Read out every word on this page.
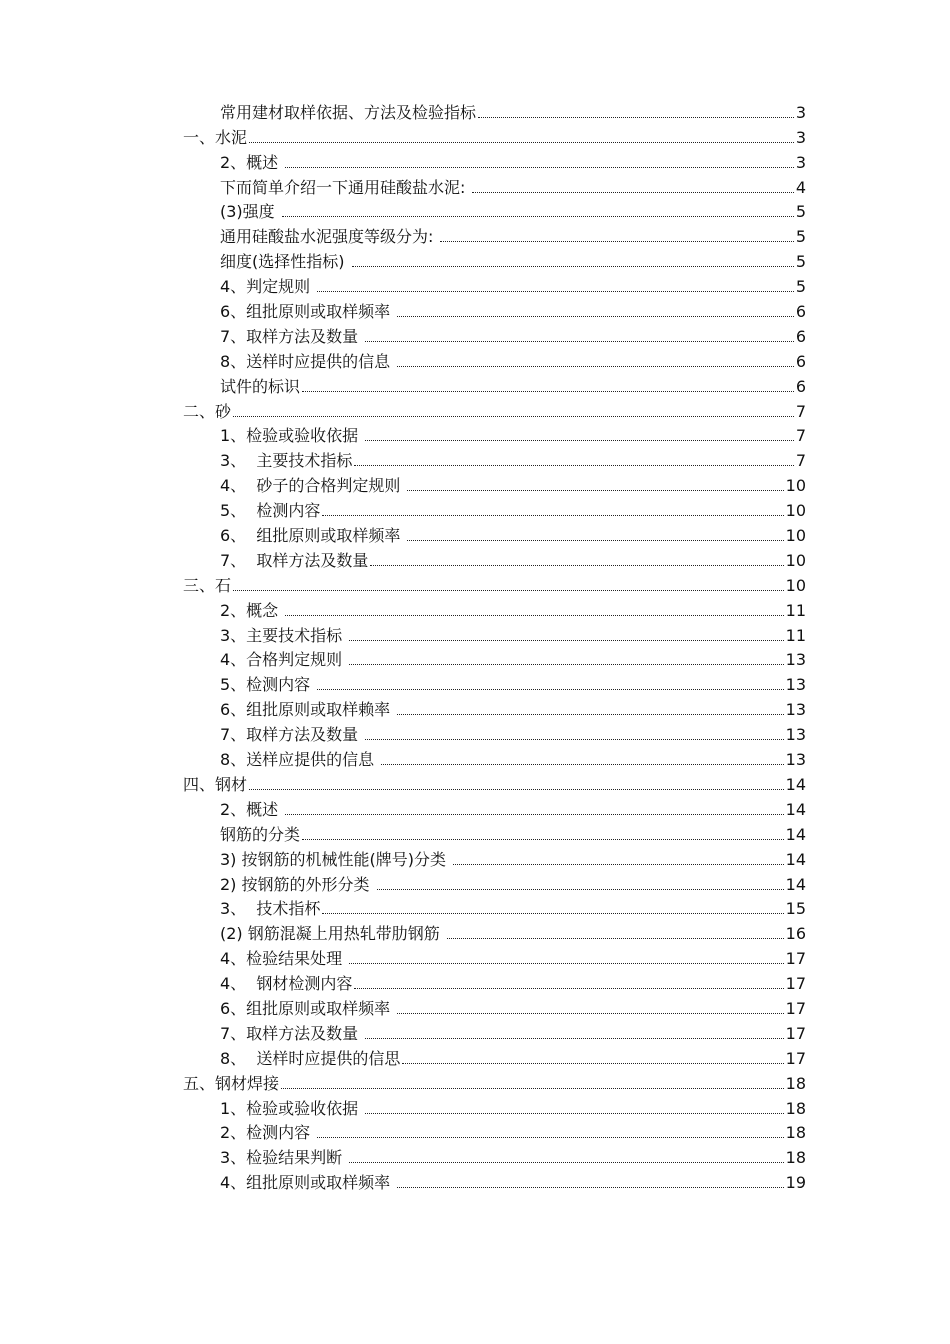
常用建材取样依据、方法及检验指标	3
一、水泥	3
2、概述	3
下而简单介绍一下通用硅酸盐水泥:	4
(3)强度	5
通用硅酸盐水泥强度等级分为:	5
细度(选择性指标)	5
4、判定规则	5
6、组批原则或取样频率	6
7、取样方法及数量	6
8、送样时应提供的信息	6
试件的标识	6
二、砂	7
1、检验或验收依据	7
3、  主要技术指标	7
4、  砂子的合格判定规则	10
5、  检测内容	10
6、  组批原则或取样频率	10
7、  取样方法及数量	10
三、石	10
2、概念	11
3、主要技术指标	11
4、合格判定规则	13
5、检测内容	13
6、组批原则或取样赖率	13
7、取样方法及数量	13
8、送样应提供的信息	13
四、钢材	14
2、概述	14
钢筋的分类	14
3) 按钢筋的机械性能(牌号)分类	14
2) 按钢筋的外形分类	14
3、  技术指杯	15
(2) 钢筋混凝上用热轧带肋钢筋	16
4、检验结果处理	17
4、  钢材检测内容	17
6、组批原则或取样频率	17
7、取样方法及数量	17
8、  送样时应提供的信思	17
五、钢材焊接	18
1、检验或验收依据	18
2、检测内容	18
3、检验结果判断	18
4、组批原则或取样频率	19
